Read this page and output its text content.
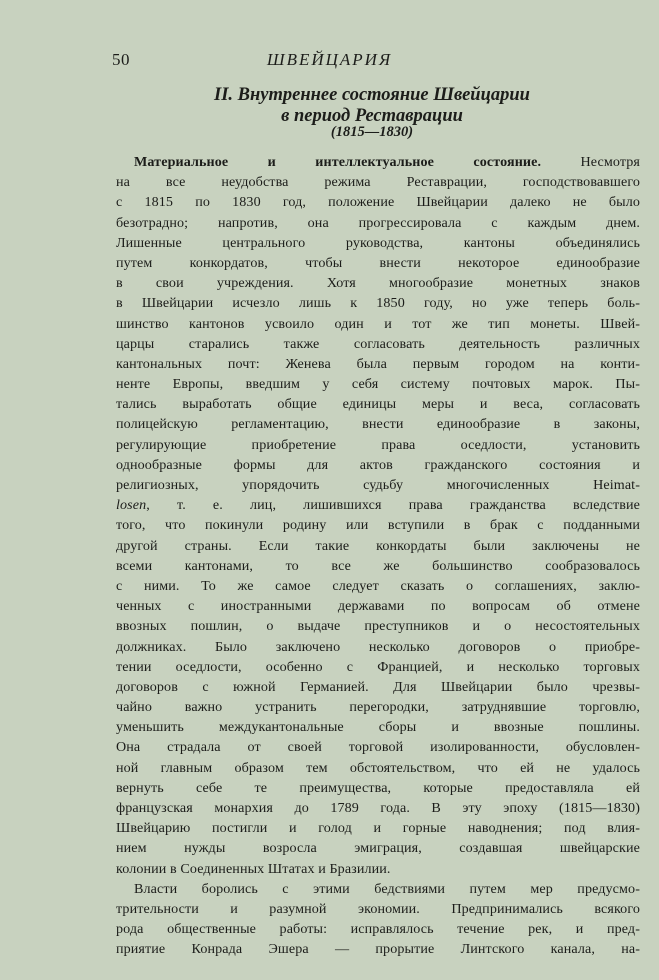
50	ШВЕЙЦАРИЯ
II. Внутреннее состояние Швейцарии
в период Реставрации
(1815—1830)
Материальное и интеллектуальное состояние. Несмотря
на все неудобства режима Реставрации, господствовавшего
с 1815 по 1830 год, положение Швейцарии далеко не было
безотрадно; напротив, она прогрессировала с каждым днем.
Лишенные центрального руководства, кантоны объединялись
путем конкордатов, чтобы внести некоторое единообразие
в свои учреждения. Хотя многообразие монетных знаков
в Швейцарии исчезло лишь к 1850 году, но уже теперь боль-
шинство кантонов усвоило один и тот же тип монеты. Швей-
царцы старались также согласовать деятельность различных
кантональных почт: Женева была первым городом на конти-
ненте Европы, введшим у себя систему почтовых марок. Пы-
тались выработать общие единицы меры и веса, согласовать
полицейскую регламентацию, внести единообразие в законы,
регулирующие приобретение права оседлости, установить
однообразные формы для актов гражданского состояния и
религиозных, упорядочить судьбу многочисленных Heimat-
losen, т. е. лиц, лишившихся права гражданства вследствие
того, что покинули родину или вступили в брак с подданными
другой страны. Если такие конкордаты были заключены не
всеми кантонами, то все же большинство сообразовалось
с ними. То же самое следует сказать о соглашениях, заклю-
ченных с иностранными державами по вопросам об отмене
ввозных пошлин, о выдаче преступников и о несостоятельных
должниках. Было заключено несколько договоров о приобре-
тении оседлости, особенно с Францией, и несколько торговых
договоров с южной Германией. Для Швейцарии было чрезвы-
чайно важно устранить перегородки, затруднявшие торговлю,
уменьшить междукантональные сборы и ввозные пошлины.
Она страдала от своей торговой изолированности, обусловлен-
ной главным образом тем обстоятельством, что ей не удалось
вернуть себе те преимущества, которые предоставляла ей
французская монархия до 1789 года. В эту эпоху (1815—1830)
Швейцарию постигли и голод и горные наводнения; под влия-
нием нужды возросла эмиграция, создавшая швейцарские
колонии в Соединенных Штатах и Бразилии.
Власти боролись с этими бедствиями путем мер предусмо-
трительности и разумной экономии. Предпринимались всякого
рода общественные работы: исправлялось течение рек, и пред-
приятие Конрада Эшера — прорытие Линтского канала, на-
